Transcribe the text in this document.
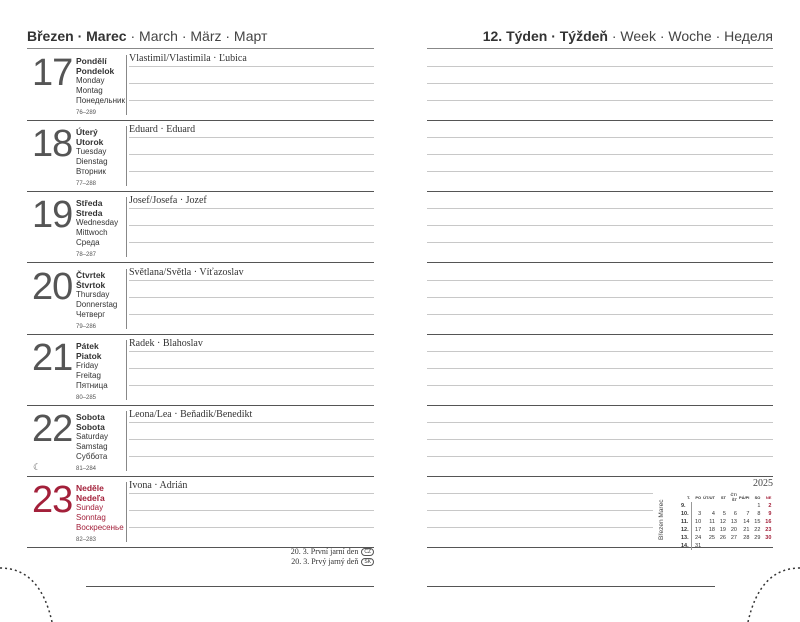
Březen · Marec · March · März · Март	12. Týden · Týždeň · Week · Woche · Неделя
17 Pondělí
Pondelok
Monday
Montag
Понедельник
76–289
Vlastimil/Vlastimila · Ľubica
18 Úterý
Utorok
Tuesday
Dienstag
Вторник
77–288
Eduard · Eduard
19 Středa
Streda
Wednesday
Mittwoch
Среда
78–287
Josef/Josefa · Jozef
20 Čtvrtek
Štvrtok
Thursday
Donnerstag
Четверг
79–286
Světlana/Světla · Víťazoslav
21 Pátek
Piatok
Friday
Freitag
Пятница
80–285
Radek · Blahoslav
22 Sobota
Sobota
Saturday
Samstag
Суббота
81–284
Leona/Lea · Beňadik/Benedikt
☾
23 Neděle
Nedeľa
Sunday
Sonntag
Воскресенье
82–283
Ivona · Adrián
20. 3. První jarní den CZ
20. 3. Prvý jarný deň SK
2025
Březen Marec
T.	PO	ÚT/UT	ST	ČT/ŠT	PÁ/PI	SO	NE
9.						1	2
10.	3	4	5	6	7	8	9
11.	10	11	12	13	14	15	16
12.	17	18	19	20	21	22	23
13.	24	25	26	27	28	29	30
14.	31						
